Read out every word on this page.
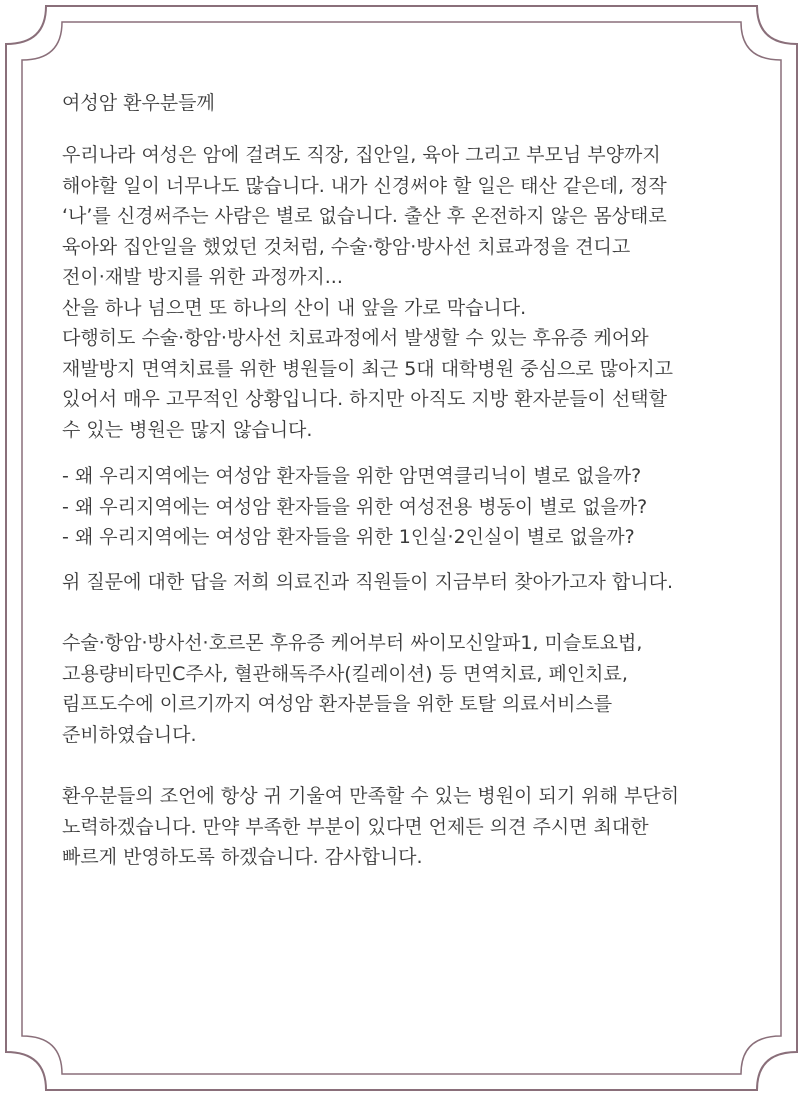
여성암 환우분들께
우리나라 여성은 암에 걸려도 직장, 집안일, 육아 그리고 부모님 부양까지
해야할 일이 너무나도 많습니다. 내가 신경써야 할 일은 태산 같은데, 정작
‘나’를 신경써주는 사람은 별로 없습니다. 출산 후 온전하지 않은 몸상태로
육아와 집안일을 했었던 것처럼, 수술·항암·방사선 치료과정을 견디고
전이·재발 방지를 위한 과정까지...
산을 하나 넘으면 또 하나의 산이 내 앞을 가로 막습니다.
다행히도 수술·항암·방사선 치료과정에서 발생할 수 있는 후유증 케어와
재발방지 면역치료를 위한 병원들이 최근 5대 대학병원 중심으로 많아지고
있어서 매우 고무적인 상황입니다. 하지만 아직도 지방 환자분들이 선택할
수 있는 병원은 많지 않습니다.
- 왜 우리지역에는 여성암 환자들을 위한 암면역클리닉이 별로 없을까?
- 왜 우리지역에는 여성암 환자들을 위한 여성전용 병동이 별로 없을까?
- 왜 우리지역에는 여성암 환자들을 위한 1인실·2인실이 별로 없을까?
위 질문에 대한 답을 저희 의료진과 직원들이 지금부터 찾아가고자 합니다.
수술·항암·방사선·호르몬 후유증 케어부터 싸이모신알파1, 미슬토요법,
고용량비타민C주사, 혈관해독주사(킬레이션) 등 면역치료, 페인치료,
림프도수에 이르기까지 여성암 환자분들을 위한 토탈 의료서비스를
준비하였습니다.
환우분들의 조언에 항상 귀 기울여 만족할 수 있는 병원이 되기 위해 부단히
노력하겠습니다. 만약 부족한 부분이 있다면 언제든 의견 주시면 최대한
빠르게 반영하도록 하겠습니다. 감사합니다.
